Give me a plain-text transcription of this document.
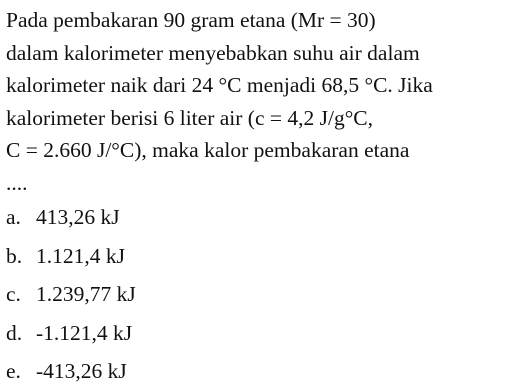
Pada pembakaran 90 gram etana (Mr = 30)
dalam kalorimeter menyebabkan suhu air dalam
kalorimeter naik dari 24 °C menjadi 68,5 °C. Jika
kalorimeter berisi 6 liter air (c = 4,2 J/g°C,
C = 2.660 J/°C), maka kalor pembakaran etana
....
a. 413,26 kJ
b. 1.121,4 kJ
c. 1.239,77 kJ
d. -1.121,4 kJ
e. -413,26 kJ
